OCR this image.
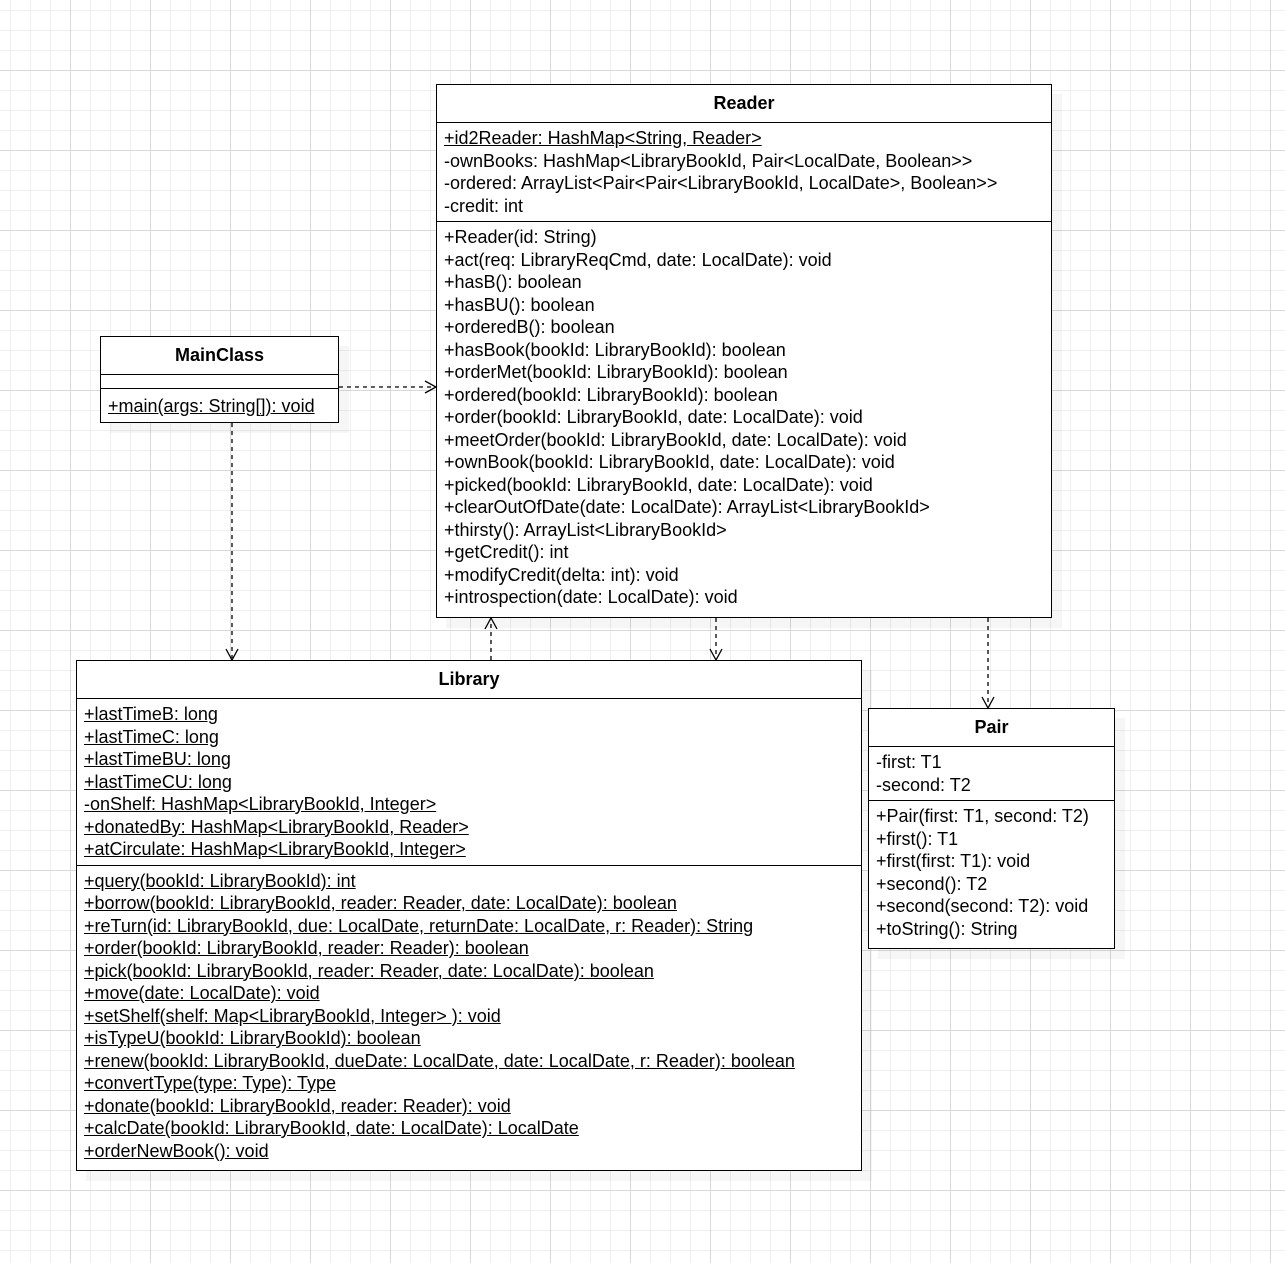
Reader
+id2Reader: HashMap<String, Reader>
-ownBooks: HashMap<LibraryBookId, Pair<LocalDate, Boolean>>
-ordered: ArrayList<Pair<Pair<LibraryBookId, LocalDate>, Boolean>>
-credit: int
+Reader(id: String)
+act(req: LibraryReqCmd, date: LocalDate): void
+hasB(): boolean
+hasBU(): boolean
+orderedB(): boolean
+hasBook(bookId: LibraryBookId): boolean
+orderMet(bookId: LibraryBookId): boolean
+ordered(bookId: LibraryBookId): boolean
+order(bookId: LibraryBookId, date: LocalDate): void
+meetOrder(bookId: LibraryBookId, date: LocalDate): void
+ownBook(bookId: LibraryBookId, date: LocalDate): void
+picked(bookId: LibraryBookId, date: LocalDate): void
+clearOutOfDate(date: LocalDate): ArrayList<LibraryBookId>
+thirsty(): ArrayList<LibraryBookId>
+getCredit(): int
+modifyCredit(delta: int): void
+introspection(date: LocalDate): void
MainClass
+main(args: String[]): void
Library
+lastTimeB: long
+lastTimeC: long
+lastTimeBU: long
+lastTimeCU: long
-onShelf: HashMap<LibraryBookId, Integer>
+donatedBy: HashMap<LibraryBookId, Reader>
+atCirculate: HashMap<LibraryBookId, Integer>
+query(bookId: LibraryBookId): int
+borrow(bookId: LibraryBookId, reader: Reader, date: LocalDate): boolean
+reTurn(id: LibraryBookId, due: LocalDate, returnDate: LocalDate, r: Reader): String
+order(bookId: LibraryBookId, reader: Reader): boolean
+pick(bookId: LibraryBookId, reader: Reader, date: LocalDate): boolean
+move(date: LocalDate): void
+setShelf(shelf: Map<LibraryBookId, Integer> ): void
+isTypeU(bookId: LibraryBookId): boolean
+renew(bookId: LibraryBookId, dueDate: LocalDate, date: LocalDate, r: Reader): boolean
+convertType(type: Type): Type
+donate(bookId: LibraryBookId, reader: Reader): void
+calcDate(bookId: LibraryBookId, date: LocalDate): LocalDate
+orderNewBook(): void
Pair
-first: T1
-second: T2
+Pair(first: T1, second: T2)
+first(): T1
+first(first: T1): void
+second(): T2
+second(second: T2): void
+toString(): String
